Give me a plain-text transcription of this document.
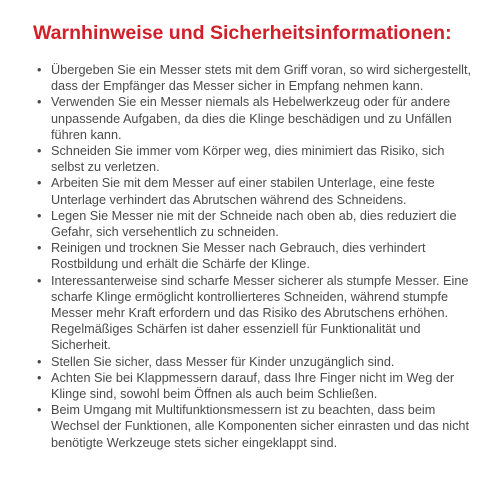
Warnhinweise und Sicherheitsinformationen:
• Übergeben Sie ein Messer stets mit dem Griff voran, so wird sichergestellt, dass der Empfänger das Messer sicher in Empfang nehmen kann.
• Verwenden Sie ein Messer niemals als Hebelwerkzeug oder für andere unpassende Aufgaben, da dies die Klinge beschädigen und zu Unfällen führen kann.
• Schneiden Sie immer vom Körper weg, dies minimiert das Risiko, sich selbst zu verletzen.
• Arbeiten Sie mit dem Messer auf einer stabilen Unterlage, eine feste Unterlage verhindert das Abrutschen während des Schneidens.
• Legen Sie Messer nie mit der Schneide nach oben ab, dies reduziert die Gefahr, sich versehentlich zu schneiden.
• Reinigen und trocknen Sie Messer nach Gebrauch, dies verhindert Rostbildung und erhält die Schärfe der Klinge.
• Interessanterweise sind scharfe Messer sicherer als stumpfe Messer. Eine scharfe Klinge ermöglicht kontrollierteres Schneiden, während stumpfe Messer mehr Kraft erfordern und das Risiko des Abrutschens erhöhen. Regelmäßiges Schärfen ist daher essenziell für Funktionalität und Sicherheit.
• Stellen Sie sicher, dass Messer für Kinder unzugänglich sind.
• Achten Sie bei Klappmessern darauf, dass Ihre Finger nicht im Weg der Klinge sind, sowohl beim Öffnen als auch beim Schließen.
• Beim Umgang mit Multifunktionsmessern ist zu beachten, dass beim Wechsel der Funktionen, alle Komponenten sicher einrasten und das nicht benötigte Werkzeuge stets sicher eingeklappt sind.
